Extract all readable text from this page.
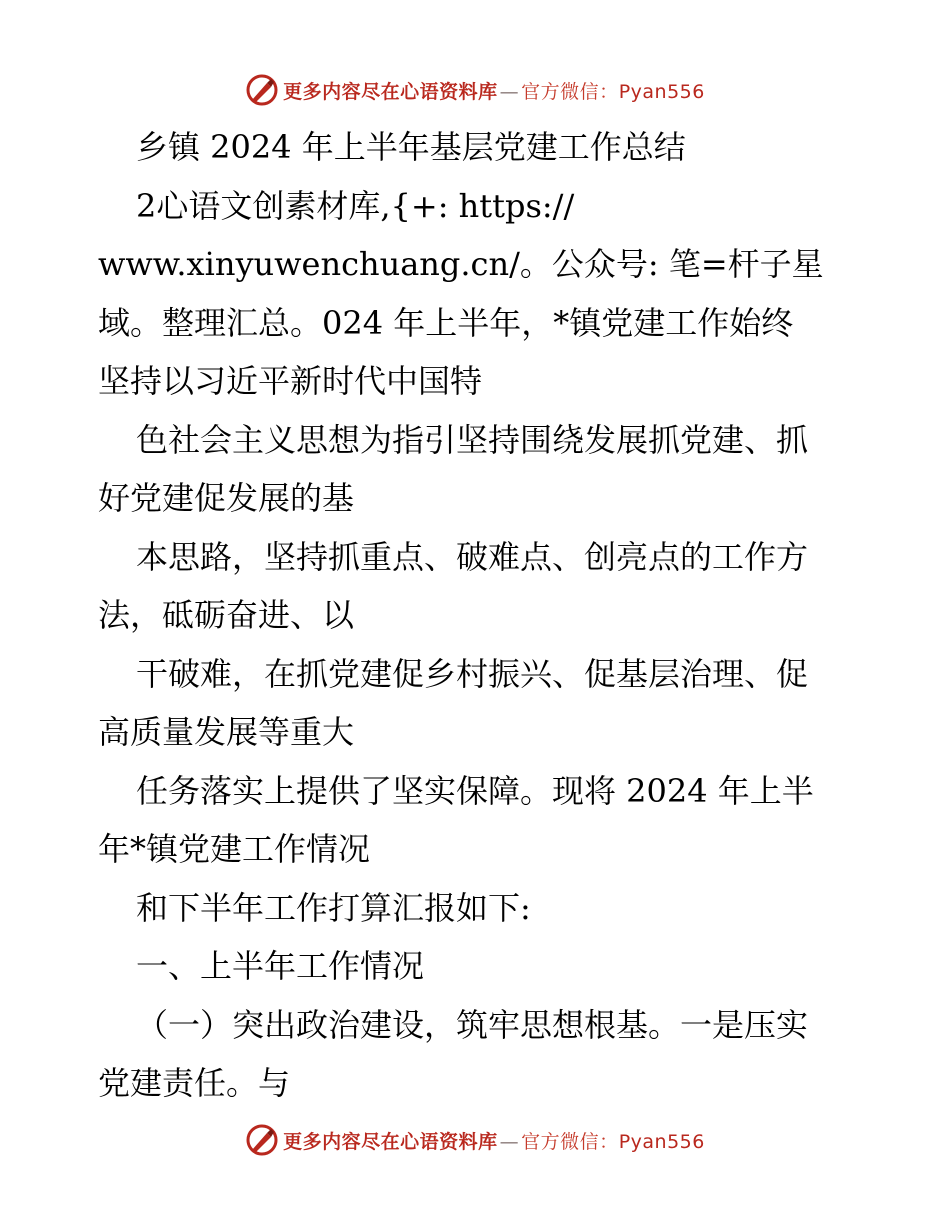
更多内容尽在心语资料库 — 官方微信：Pyan556
乡镇 2024 年上半年基层党建工作总结
2心语文创素材库,{+: https://
www.xinyuwenchuang.cn/。公众号: 笔=杆子星
域。整理汇总。024 年上半年，*镇党建工作始终
坚持以习近平新时代中国特
色社会主义思想为指引坚持围绕发展抓党建、抓
好党建促发展的基
本思路，坚持抓重点、破难点、创亮点的工作方
法，砥砺奋进、以
干破难，在抓党建促乡村振兴、促基层治理、促
高质量发展等重大
任务落实上提供了坚实保障。现将 2024 年上半
年*镇党建工作情况
和下半年工作打算汇报如下:
一、上半年工作情况
（一）突出政治建设，筑牢思想根基。一是压实
党建责任。与
更多内容尽在心语资料库 — 官方微信：Pyan556
